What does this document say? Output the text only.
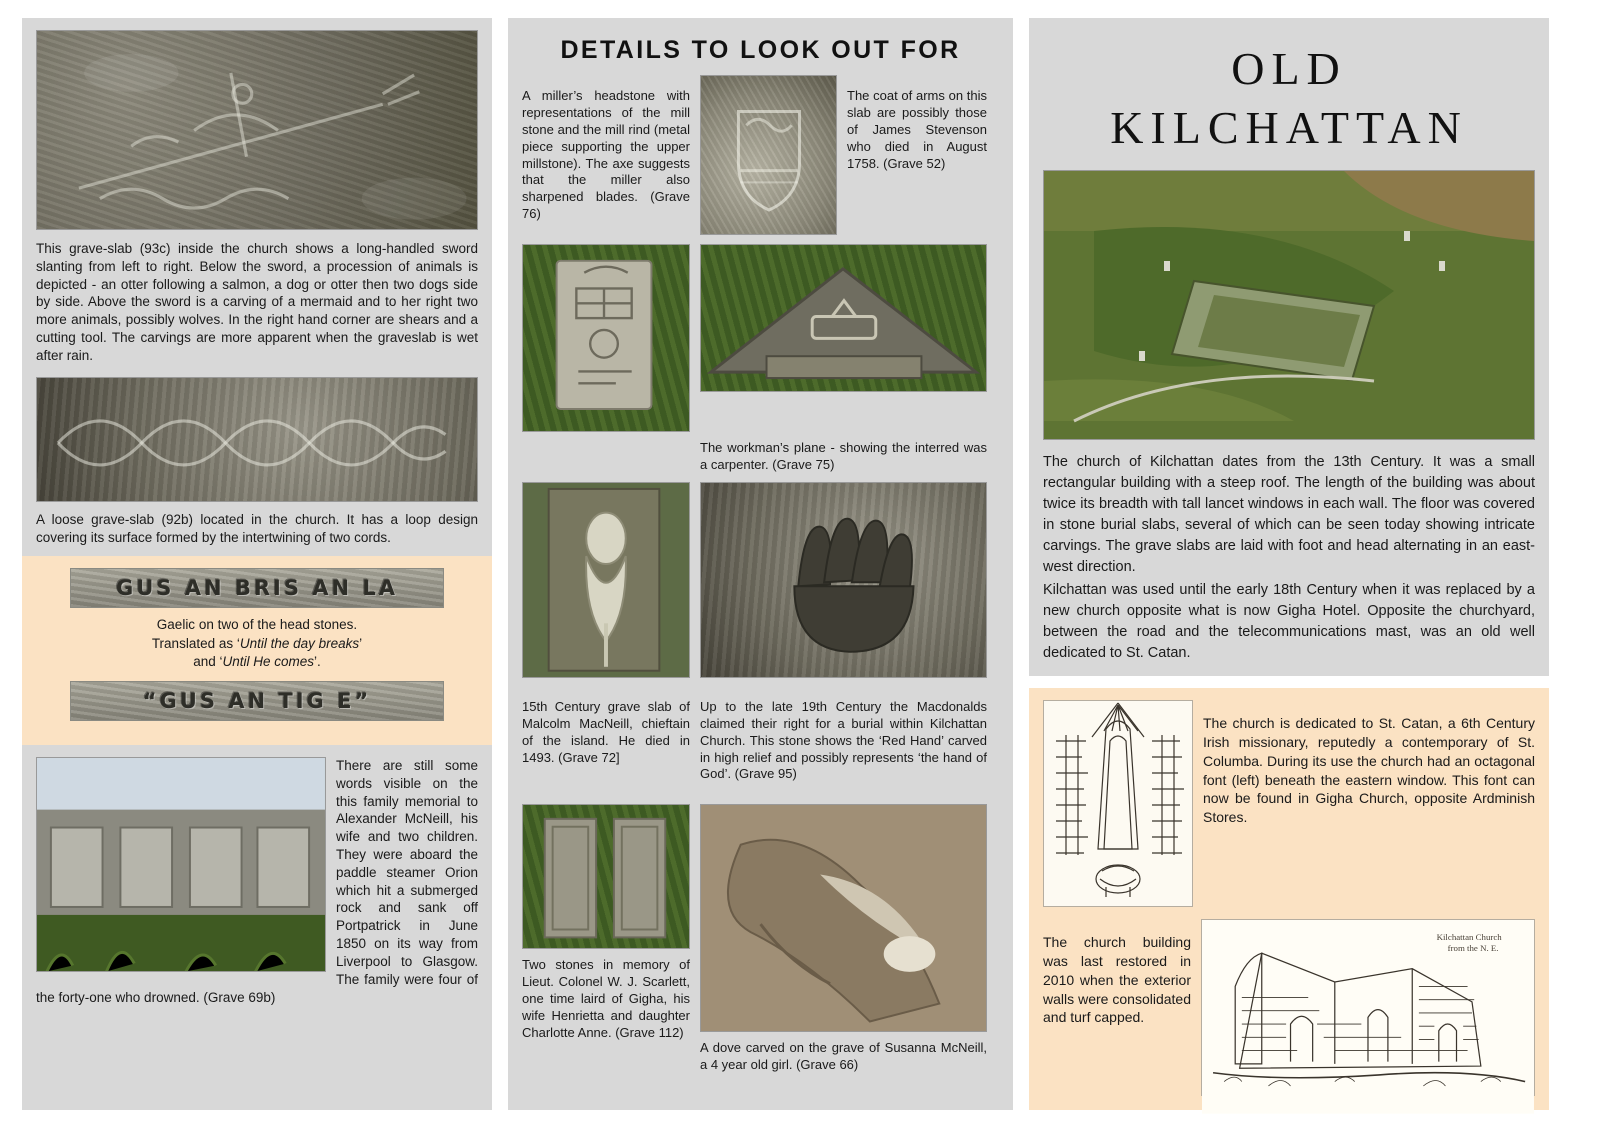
This grave-slab (93c) inside the church shows a long-handled sword slanting from left to right. Below the sword, a procession of animals is depicted - an otter following a salmon, a dog or otter then two dogs side by side. Above the sword is a carving of a mermaid and to her right two more animals, possibly wolves. In the right hand corner are shears and a cutting tool. The carvings are more apparent when the graveslab is wet after rain.

A loose grave-slab (92b) located in the church. It has a loop design covering its surface formed by the intertwining of two cords.

GUS AN BRIS AN LA
Gaelic on two of the head stones.
Translated as ‘Until the day breaks’
and ‘Until He comes’.
“GUS AN TIG E”

There are still some words visible on the this family memorial to Alexander McNeill, his wife and two children. They were aboard the paddle steamer Orion which hit a submerged rock and sank off Portpatrick in June 1850 on its way from Liverpool to Glasgow. The family were four of the forty-one who drowned. (Grave 69b)

DETAILS TO LOOK OUT FOR

A miller’s headstone with representations of the mill stone and the mill rind (metal piece supporting the upper millstone). The axe suggests that the miller also sharpened blades. (Grave 76)

The coat of arms on this slab are possibly those of James Stevenson who died in August 1758. (Grave 52)

The workman’s plane - showing the interred was a carpenter. (Grave 75)

15th Century grave slab of Malcolm MacNeill, chieftain of the island. He died in 1493. (Grave 72]

Up to the late 19th Century the Macdonalds claimed their right for a burial within Kilchattan Church. This stone shows the ‘Red Hand’ carved in high relief and possibly represents ‘the hand of God’. (Grave 95)

Two stones in memory of Lieut. Colonel W. J. Scarlett, one time laird of Gigha, his wife Henrietta and daughter Charlotte Anne. (Grave 112)

A dove carved on the grave of Susanna McNeill, a 4 year old girl. (Grave 66)

OLD
KILCHATTAN

The church of Kilchattan dates from the 13th Century. It was a small rectangular building with a steep roof. The length of the building was about twice its breadth with tall lancet windows in each wall. The floor was covered in stone burial slabs, several of which can be seen today showing intricate carvings. The grave slabs are laid with foot and head alternating in an east-west direction.

Kilchattan was used until the early 18th Century when it was replaced by a new church opposite what is now Gigha Hotel. Opposite the churchyard, between the road and the telecommunications mast, was an old well dedicated to St. Catan.

The church is dedicated to St. Catan, a 6th Century Irish missionary, reputedly a contemporary of St. Columba. During its use the church had an octagonal font (left) beneath the eastern window. This font can now be found in Gigha Church, opposite Ardminish Stores.

The church building was last restored in 2010 when the exterior walls were consolidated and turf capped.

Kilchattan Church
from the N. E.
